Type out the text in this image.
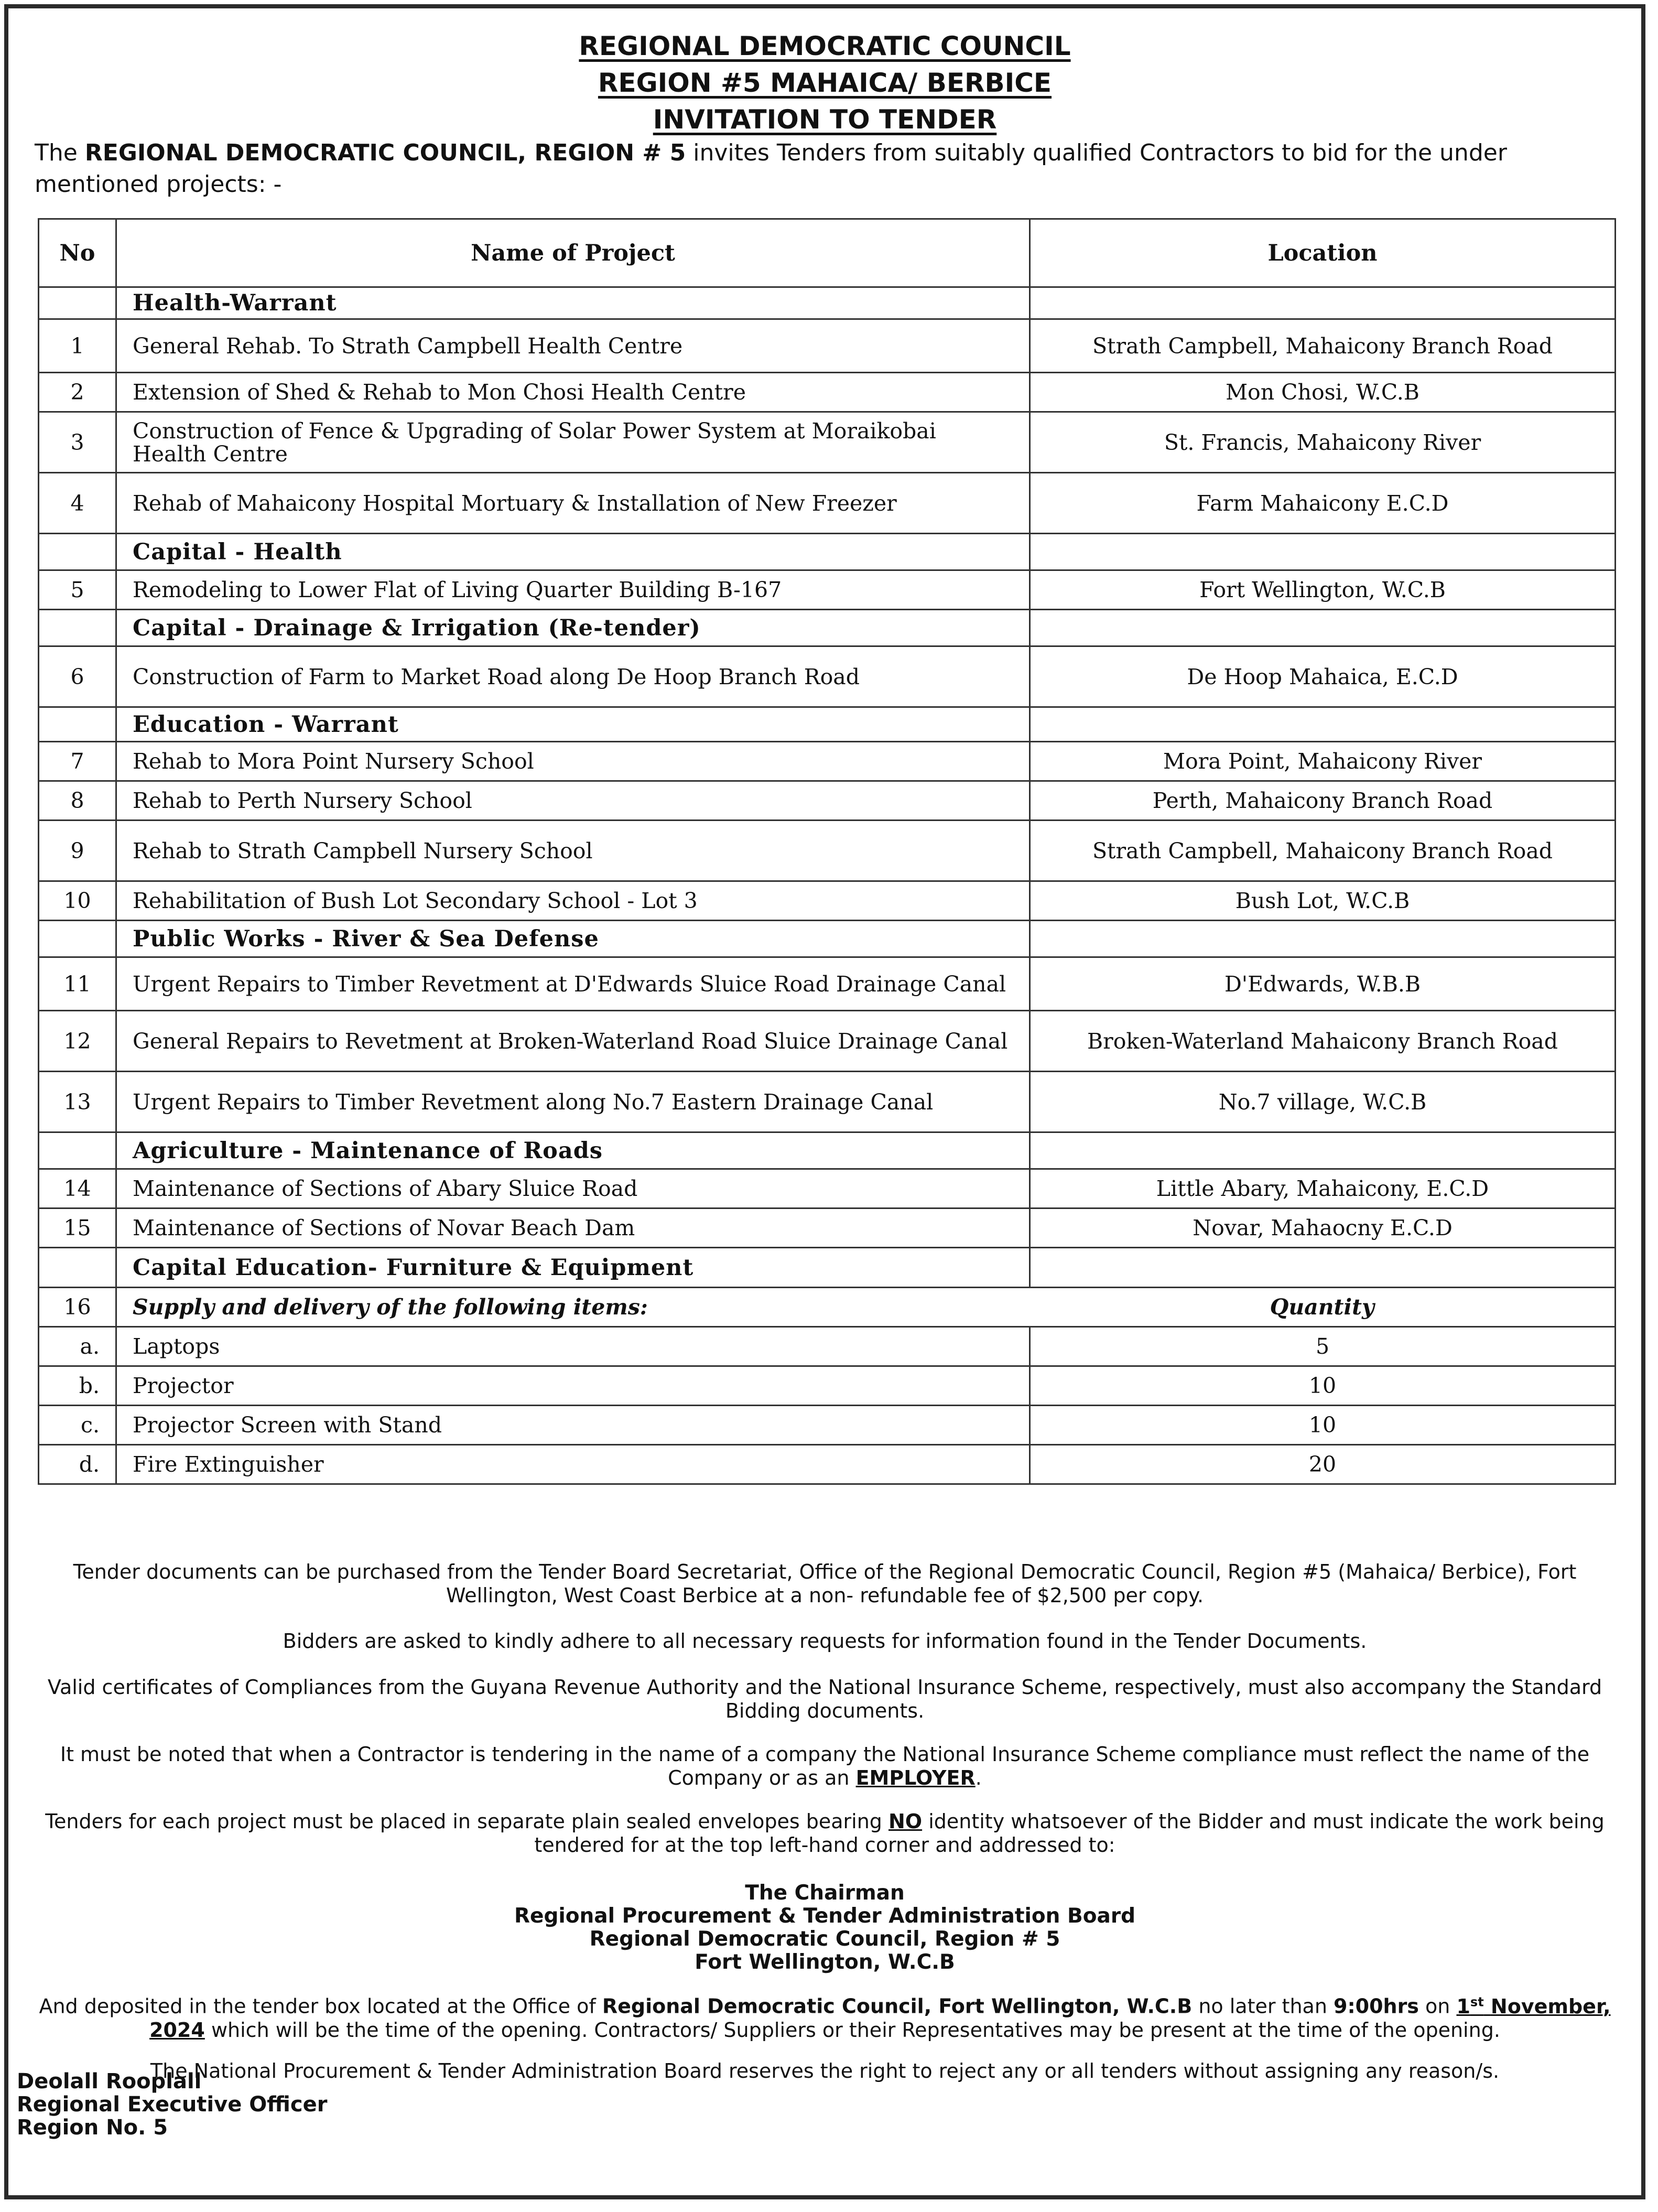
REGIONAL DEMOCRATIC COUNCIL
REGION #5 MAHAICA/ BERBICE
INVITATION TO TENDER
The REGIONAL DEMOCRATIC COUNCIL, REGION # 5 invites Tenders from suitably qualified Contractors to bid for the under mentioned projects: -
No	Name of Project	Location
	Health-Warrant	
1	General Rehab. To Strath Campbell Health Centre	Strath Campbell, Mahaicony Branch Road
2	Extension of Shed & Rehab to Mon Chosi Health Centre	Mon Chosi, W.C.B
3	Construction of Fence & Upgrading of Solar Power System at Moraikobai Health Centre	St. Francis, Mahaicony River
4	Rehab of Mahaicony Hospital Mortuary & Installation of New Freezer	Farm Mahaicony E.C.D
	Capital - Health	
5	Remodeling to Lower Flat of Living Quarter Building B-167	Fort Wellington, W.C.B
	Capital - Drainage & Irrigation (Re-tender)	
6	Construction of Farm to Market Road along De Hoop Branch Road	De Hoop Mahaica, E.C.D
	Education - Warrant	
7	Rehab to Mora Point Nursery School	Mora Point, Mahaicony River
8	Rehab to Perth Nursery School	Perth, Mahaicony Branch Road
9	Rehab to Strath Campbell Nursery School	Strath Campbell, Mahaicony Branch Road
10	Rehabilitation of Bush Lot Secondary School - Lot 3	Bush Lot, W.C.B
	Public Works - River & Sea Defense	
11	Urgent Repairs to Timber Revetment at D'Edwards Sluice Road Drainage Canal	D'Edwards, W.B.B
12	General Repairs to Revetment at Broken-Waterland Road Sluice Drainage Canal	Broken-Waterland Mahaicony Branch Road
13	Urgent Repairs to Timber Revetment along No.7 Eastern Drainage Canal	No.7 village, W.C.B
	Agriculture - Maintenance of Roads	
14	Maintenance of Sections of Abary Sluice Road	Little Abary, Mahaicony, E.C.D
15	Maintenance of Sections of Novar Beach Dam	Novar, Mahaocny E.C.D
	Capital Education- Furniture & Equipment	
16	Supply and delivery of the following items:	Quantity
a.	Laptops	5
b.	Projector	10
c.	Projector Screen with Stand	10
d.	Fire Extinguisher	20

Tender documents can be purchased from the Tender Board Secretariat, Office of the Regional Democratic Council, Region #5 (Mahaica/ Berbice), Fort Wellington, West Coast Berbice at a non- refundable fee of $2,500 per copy.

Bidders are asked to kindly adhere to all necessary requests for information found in the Tender Documents.

Valid certificates of Compliances from the Guyana Revenue Authority and the National Insurance Scheme, respectively, must also accompany the Standard Bidding documents.

It must be noted that when a Contractor is tendering in the name of a company the National Insurance Scheme compliance must reflect the name of the Company or as an EMPLOYER.

Tenders for each project must be placed in separate plain sealed envelopes bearing NO identity whatsoever of the Bidder and must indicate the work being tendered for at the top left-hand corner and addressed to:

The Chairman

Regional Procurement & Tender Administration Board

Regional Democratic Council, Region # 5

Fort Wellington, W.C.B

And deposited in the tender box located at the Office of Regional Democratic Council, Fort Wellington, W.C.B no later than 9:00hrs on 1st November, 2024 which will be the time of the opening. Contractors/ Suppliers or their Representatives may be present at the time of the opening.

The National Procurement & Tender Administration Board reserves the right to reject any or all tenders without assigning any reason/s.

Deolall Rooplall
Regional Executive Officer
Region No. 5
